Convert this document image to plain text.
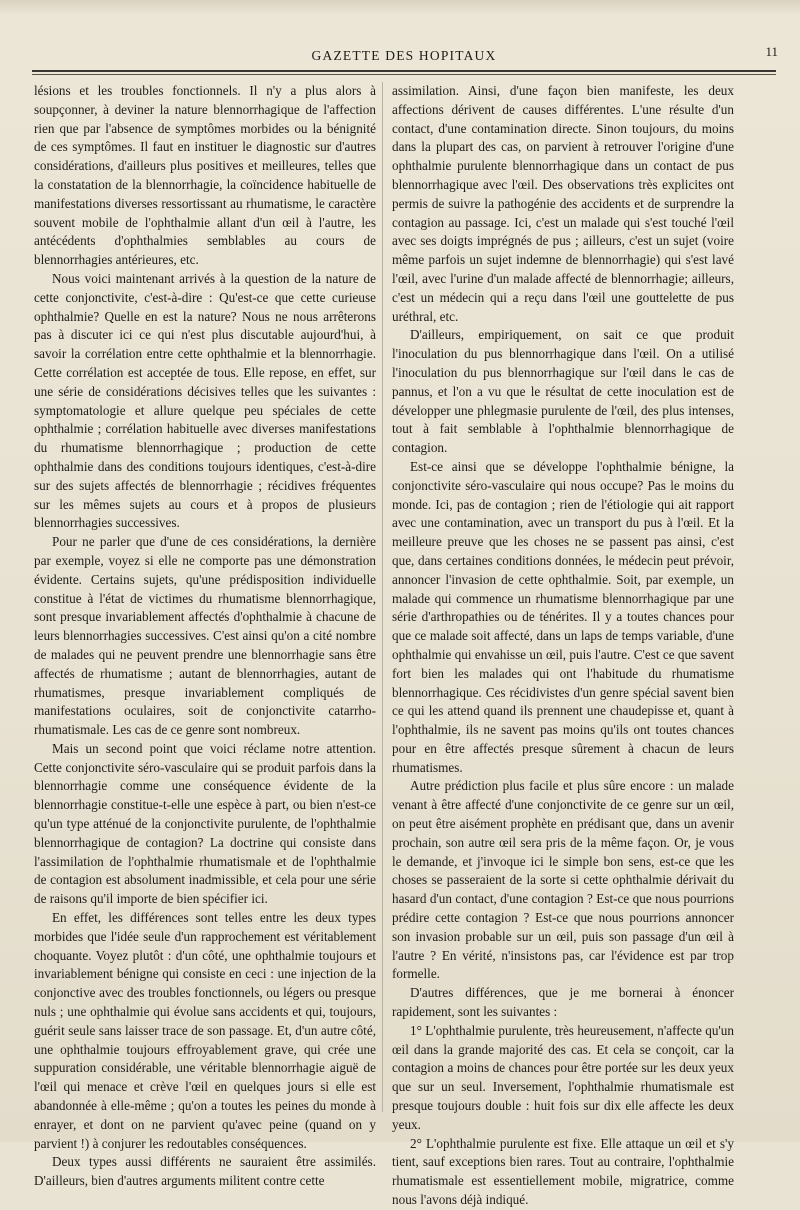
GAZETTE DES HOPITAUX	11

lésions et les troubles fonctionnels. Il n'y a plus alors à soupçonner, à deviner la nature blennorrhagique de l'affection rien que par l'absence de symptômes morbides ou la bénignité de ces symptômes. Il faut en instituer le diagnostic sur d'autres considérations, d'ailleurs plus positives et meilleures, telles que la constatation de la blennorrhagie, la coïncidence habituelle de manifestations diverses ressortissant au rhumatisme, le caractère souvent mobile de l'ophthalmie allant d'un œil à l'autre, les antécédents d'ophthalmies semblables au cours de blennorrhagies antérieures, etc.

Nous voici maintenant arrivés à la question de la nature de cette conjonctivite, c'est-à-dire : Qu'est-ce que cette curieuse ophthalmie? Quelle en est la nature? Nous ne nous arrêterons pas à discuter ici ce qui n'est plus discutable aujourd'hui, à savoir la corrélation entre cette ophthalmie et la blennorrhagie. Cette corrélation est acceptée de tous. Elle repose, en effet, sur une série de considérations décisives telles que les suivantes : symptomatologie et allure quelque peu spéciales de cette ophthalmie ; corrélation habituelle avec diverses manifestations du rhumatisme blennorrhagique ; production de cette ophthalmie dans des conditions toujours identiques, c'est-à-dire sur des sujets affectés de blennorrhagie ; récidives fréquentes sur les mêmes sujets au cours et à propos de plusieurs blennorrhagies successives.

Pour ne parler que d'une de ces considérations, la dernière par exemple, voyez si elle ne comporte pas une démonstration évidente. Certains sujets, qu'une prédisposition individuelle constitue à l'état de victimes du rhumatisme blennorrhagique, sont presque invariablement affectés d'ophthalmie à chacune de leurs blennorrhagies successives. C'est ainsi qu'on a cité nombre de malades qui ne peuvent prendre une blennorrhagie sans être affectés de rhumatisme ; autant de blennorrhagies, autant de rhumatismes, presque invariablement compliqués de manifestations oculaires, soit de conjonctivite catarrho-rhumatismale. Les cas de ce genre sont nombreux.

Mais un second point que voici réclame notre attention. Cette conjonctivite séro-vasculaire qui se produit parfois dans la blennorrhagie comme une conséquence évidente de la blennorrhagie constitue-t-elle une espèce à part, ou bien n'est-ce qu'un type atténué de la conjonctivite purulente, de l'ophthalmie blennorrhagique de contagion? La doctrine qui consiste dans l'assimilation de l'ophthalmie rhumatismale et de l'ophthalmie de contagion est absolument inadmissible, et cela pour une série de raisons qu'il importe de bien spécifier ici.

En effet, les différences sont telles entre les deux types morbides que l'idée seule d'un rapprochement est véritablement choquante. Voyez plutôt : d'un côté, une ophthalmie toujours et invariablement bénigne qui consiste en ceci : une injection de la conjonctive avec des troubles fonctionnels, ou légers ou presque nuls ; une ophthalmie qui évolue sans accidents et qui, toujours, guérit seule sans laisser trace de son passage. Et, d'un autre côté, une ophthalmie toujours effroyablement grave, qui crée une suppuration considérable, une véritable blennorrhagie aiguë de l'œil qui menace et crève l'œil en quelques jours si elle est abandonnée à elle-même ; qu'on a toutes les peines du monde à enrayer, et dont on ne parvient qu'avec peine (quand on y parvient !) à conjurer les redoutables conséquences.

Deux types aussi différents ne sauraient être assimilés. D'ailleurs, bien d'autres arguments militent contre cette

assimilation. Ainsi, d'une façon bien manifeste, les deux affections dérivent de causes différentes. L'une résulte d'un contact, d'une contamination directe. Sinon toujours, du moins dans la plupart des cas, on parvient à retrouver l'origine d'une ophthalmie purulente blennorrhagique dans un contact de pus blennorrhagique avec l'œil. Des observations très explicites ont permis de suivre la pathogénie des accidents et de surprendre la contagion au passage. Ici, c'est un malade qui s'est touché l'œil avec ses doigts imprégnés de pus ; ailleurs, c'est un sujet (voire même parfois un sujet indemne de blennorrhagie) qui s'est lavé l'œil, avec l'urine d'un malade affecté de blennorrhagie; ailleurs, c'est un médecin qui a reçu dans l'œil une gouttelette de pus uréthral, etc.

D'ailleurs, empiriquement, on sait ce que produit l'inoculation du pus blennorrhagique dans l'œil. On a utilisé l'inoculation du pus blennorrhagique sur l'œil dans le cas de pannus, et l'on a vu que le résultat de cette inoculation est de développer une phlegmasie purulente de l'œil, des plus intenses, tout à fait semblable à l'ophthalmie blennorrhagique de contagion.

Est-ce ainsi que se développe l'ophthalmie bénigne, la conjonctivite séro-vasculaire qui nous occupe? Pas le moins du monde. Ici, pas de contagion ; rien de l'étiologie qui ait rapport avec une contamination, avec un transport du pus à l'œil. Et la meilleure preuve que les choses ne se passent pas ainsi, c'est que, dans certaines conditions données, le médecin peut prévoir, annoncer l'invasion de cette ophthalmie. Soit, par exemple, un malade qui commence un rhumatisme blennorrhagique par une série d'arthropathies ou de ténérites. Il y a toutes chances pour que ce malade soit affecté, dans un laps de temps variable, d'une ophthalmie qui envahisse un œil, puis l'autre. C'est ce que savent fort bien les malades qui ont l'habitude du rhumatisme blennorrhagique. Ces récidivistes d'un genre spécial savent bien ce qui les attend quand ils prennent une chaudepisse et, quant à l'ophthalmie, ils ne savent pas moins qu'ils ont toutes chances pour en être affectés presque sûrement à chacun de leurs rhumatismes.

Autre prédiction plus facile et plus sûre encore : un malade venant à être affecté d'une conjonctivite de ce genre sur un œil, on peut être aisément prophète en prédisant que, dans un avenir prochain, son autre œil sera pris de la même façon. Or, je vous le demande, et j'invoque ici le simple bon sens, est-ce que les choses se passeraient de la sorte si cette ophthalmie dérivait du hasard d'un contact, d'une contagion ? Est-ce que nous pourrions prédire cette contagion ? Est-ce que nous pourrions annoncer son invasion probable sur un œil, puis son passage d'un œil à l'autre ? En vérité, n'insistons pas, car l'évidence est par trop formelle.

D'autres différences, que je me bornerai à énoncer rapidement, sont les suivantes :

1° L'ophthalmie purulente, très heureusement, n'affecte qu'un œil dans la grande majorité des cas. Et cela se conçoit, car la contagion a moins de chances pour être portée sur les deux yeux que sur un seul. Inversement, l'ophthalmie rhumatismale est presque toujours double : huit fois sur dix elle affecte les deux yeux.

2° L'ophthalmie purulente est fixe. Elle attaque un œil et s'y tient, sauf exceptions bien rares. Tout au contraire, l'ophthalmie rhumatismale est essentiellement mobile, migratrice, comme nous l'avons déjà indiqué.
